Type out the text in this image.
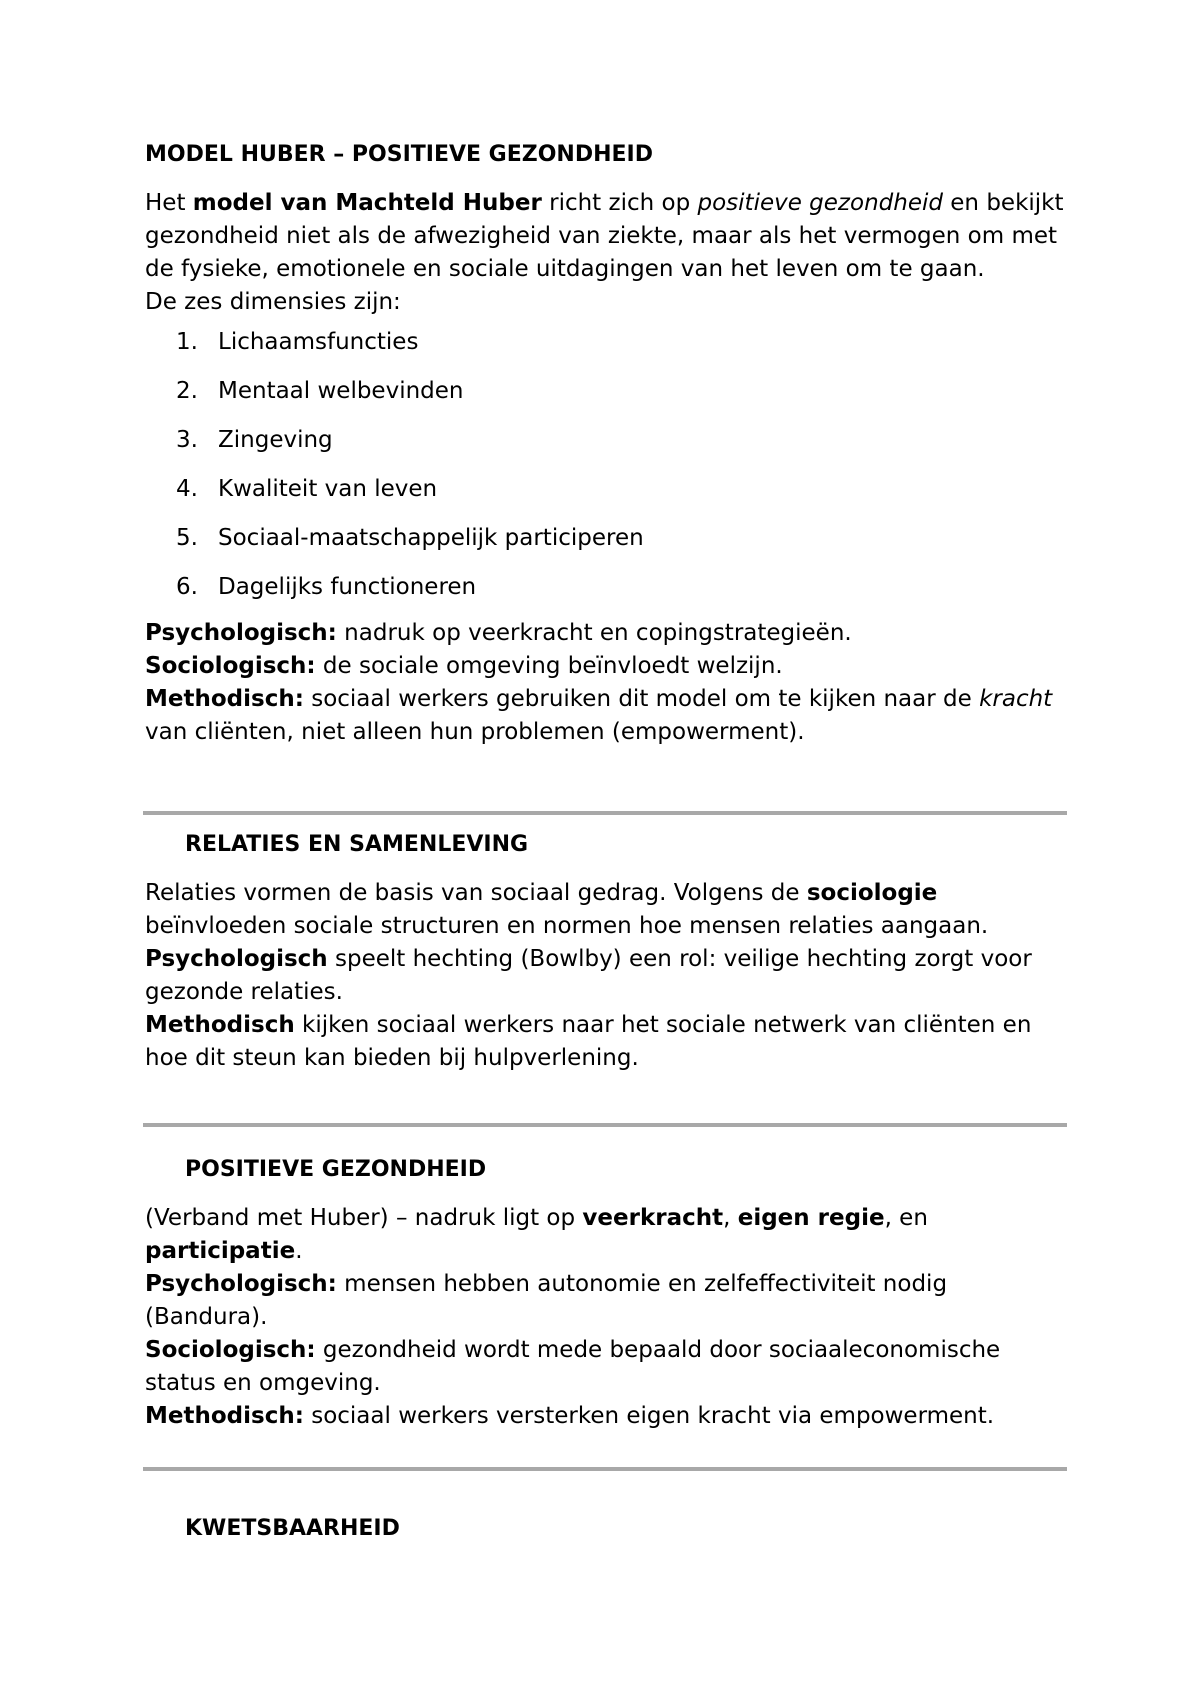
MODEL HUBER – POSITIEVE GEZONDHEID

Het model van Machteld Huber richt zich op positieve gezondheid en bekijkt gezondheid niet als de afwezigheid van ziekte, maar als het vermogen om met de fysieke, emotionele en sociale uitdagingen van het leven om te gaan.

De zes dimensies zijn:

1. Lichaamsfuncties
2. Mentaal welbevinden
3. Zingeving
4. Kwaliteit van leven
5. Sociaal-maatschappelijk participeren
6. Dagelijks functioneren

Psychologisch: nadruk op veerkracht en copingstrategieën.

Sociologisch: de sociale omgeving beïnvloedt welzijn.

Methodisch: sociaal werkers gebruiken dit model om te kijken naar de kracht van cliënten, niet alleen hun problemen (empowerment).

RELATIES EN SAMENLEVING

Relaties vormen de basis van sociaal gedrag. Volgens de sociologie beïnvloeden sociale structuren en normen hoe mensen relaties aangaan.

Psychologisch speelt hechting (Bowlby) een rol: veilige hechting zorgt voor gezonde relaties.

Methodisch kijken sociaal werkers naar het sociale netwerk van cliënten en hoe dit steun kan bieden bij hulpverlening.

POSITIEVE GEZONDHEID

(Verband met Huber) – nadruk ligt op veerkracht, eigen regie, en participatie.

Psychologisch: mensen hebben autonomie en zelfeffectiviteit nodig (Bandura).

Sociologisch: gezondheid wordt mede bepaald door sociaaleconomische status en omgeving.

Methodisch: sociaal werkers versterken eigen kracht via empowerment.

KWETSBAARHEID
